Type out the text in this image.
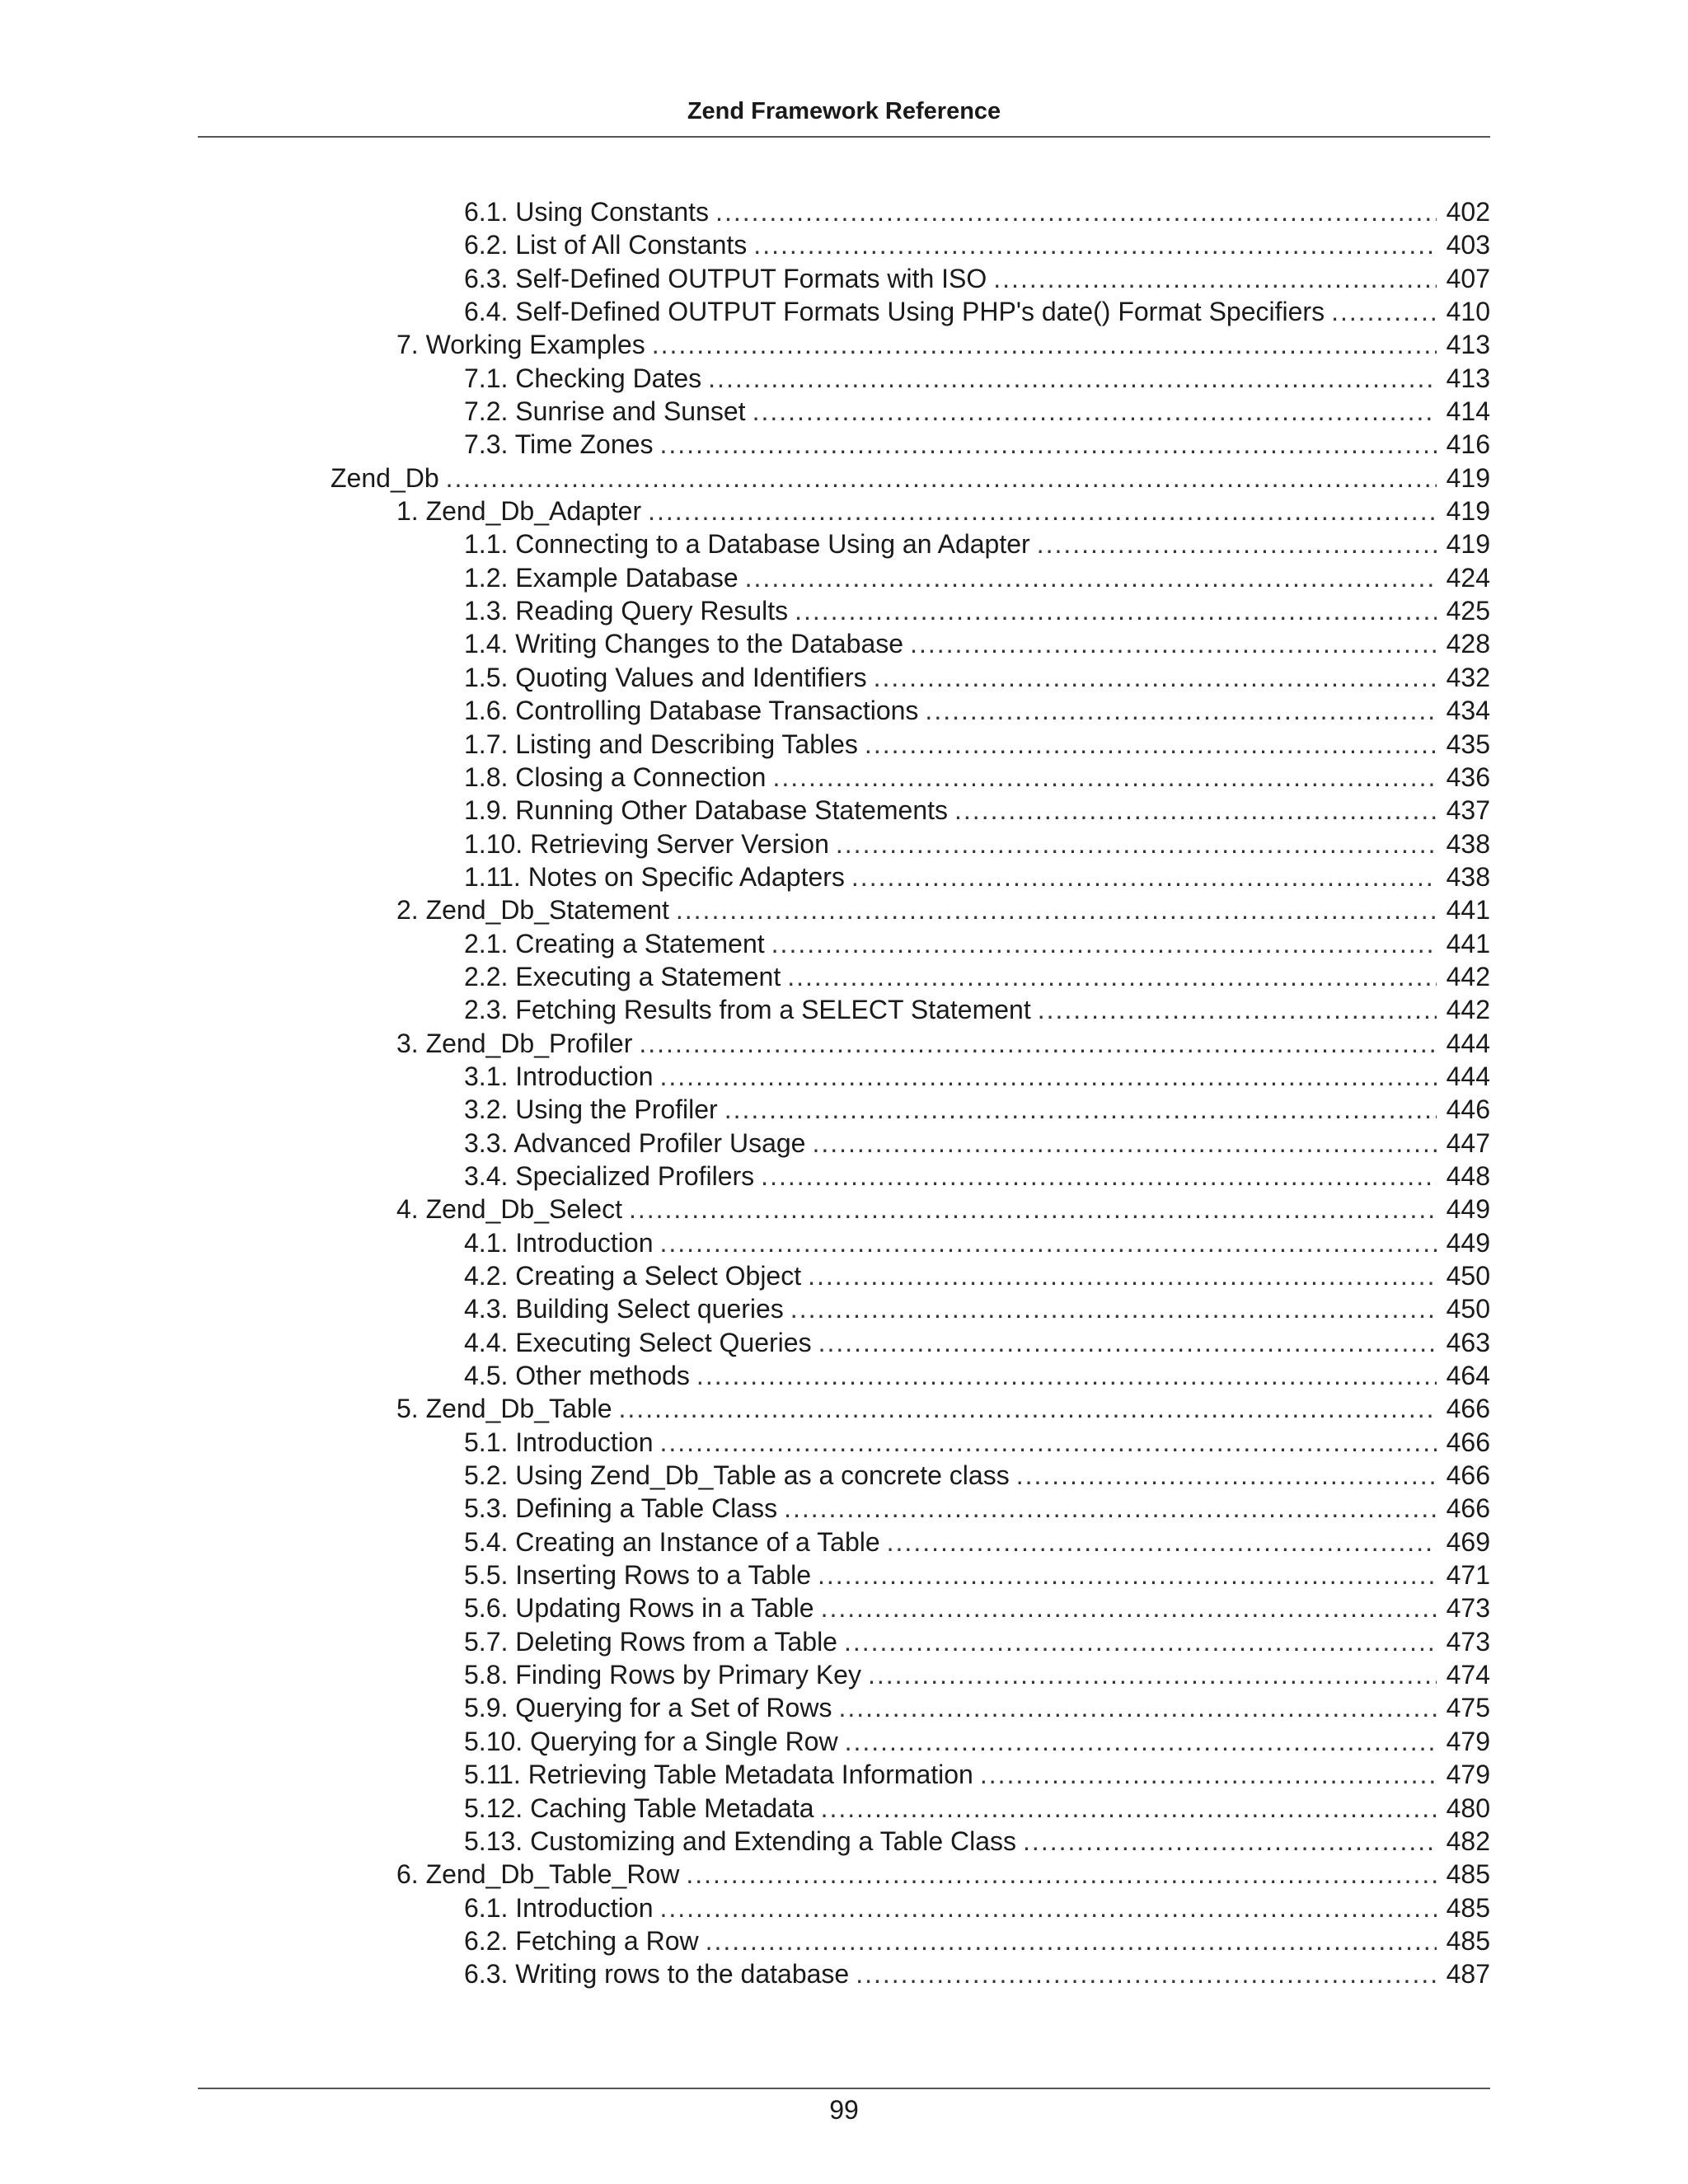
Zend Framework Reference
6.1. Using Constants .....	402
6.2. List of All Constants .....	403
6.3. Self-Defined OUTPUT Formats with ISO .....	407
6.4. Self-Defined OUTPUT Formats Using PHP's date() Format Specifiers .....	410
7. Working Examples .....	413
7.1. Checking Dates .....	413
7.2. Sunrise and Sunset .....	414
7.3. Time Zones .....	416
Zend_Db .....	419
1. Zend_Db_Adapter .....	419
1.1. Connecting to a Database Using an Adapter .....	419
1.2. Example Database .....	424
1.3. Reading Query Results .....	425
1.4. Writing Changes to the Database .....	428
1.5. Quoting Values and Identifiers .....	432
1.6. Controlling Database Transactions .....	434
1.7. Listing and Describing Tables .....	435
1.8. Closing a Connection .....	436
1.9. Running Other Database Statements .....	437
1.10. Retrieving Server Version .....	438
1.11. Notes on Specific Adapters .....	438
2. Zend_Db_Statement .....	441
2.1. Creating a Statement .....	441
2.2. Executing a Statement .....	442
2.3. Fetching Results from a SELECT Statement .....	442
3. Zend_Db_Profiler .....	444
3.1. Introduction .....	444
3.2. Using the Profiler .....	446
3.3. Advanced Profiler Usage .....	447
3.4. Specialized Profilers .....	448
4. Zend_Db_Select .....	449
4.1. Introduction .....	449
4.2. Creating a Select Object .....	450
4.3. Building Select queries .....	450
4.4. Executing Select Queries .....	463
4.5. Other methods .....	464
5. Zend_Db_Table .....	466
5.1. Introduction .....	466
5.2. Using Zend_Db_Table as a concrete class .....	466
5.3. Defining a Table Class .....	466
5.4. Creating an Instance of a Table .....	469
5.5. Inserting Rows to a Table .....	471
5.6. Updating Rows in a Table .....	473
5.7. Deleting Rows from a Table .....	473
5.8. Finding Rows by Primary Key .....	474
5.9. Querying for a Set of Rows .....	475
5.10. Querying for a Single Row .....	479
5.11. Retrieving Table Metadata Information .....	479
5.12. Caching Table Metadata .....	480
5.13. Customizing and Extending a Table Class .....	482
6. Zend_Db_Table_Row .....	485
6.1. Introduction .....	485
6.2. Fetching a Row .....	485
6.3. Writing rows to the database .....	487
99
